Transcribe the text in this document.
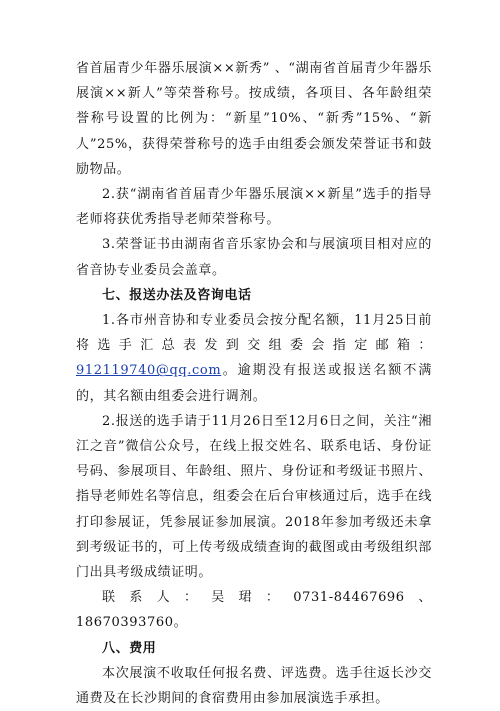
省首届青少年器乐展演××新秀” 、“湖南省首届青少年器乐展演××新人”等荣誉称号。按成绩，各项目、各年龄组荣誉称号设置的比例为：“新星”10%、“新秀”15%、“新人”25%，获得荣誉称号的选手由组委会颁发荣誉证书和鼓励物品。

2.获“湖南省首届青少年器乐展演××新星”选手的指导老师将获优秀指导老师荣誉称号。

3.荣誉证书由湖南省音乐家协会和与展演项目相对应的省音协专业委员会盖章。

七、报送办法及咨询电话

1.各市州音协和专业委员会按分配名额，11月25日前将选手汇总表发到交组委会指定邮箱：912119740@qq.com。逾期没有报送或报送名额不满的，其名额由组委会进行调剂。

2.报送的选手请于11月26日至12月6日之间，关注“湘江之音”微信公众号，在线上报交姓名、联系电话、身份证号码、参展项目、年龄组、照片、身份证和考级证书照片、指导老师姓名等信息，组委会在后台审核通过后，选手在线打印参展证，凭参展证参加展演。2018年参加考级还未拿到考级证书的，可上传考级成绩查询的截图或由考级组织部门出具考级成绩证明。

联系人：吴珺：0731-84467696、18670393760。

八、费用

本次展演不收取任何报名费、评选费。选手往返长沙交通费及在长沙期间的食宿费用由参加展演选手承担。
